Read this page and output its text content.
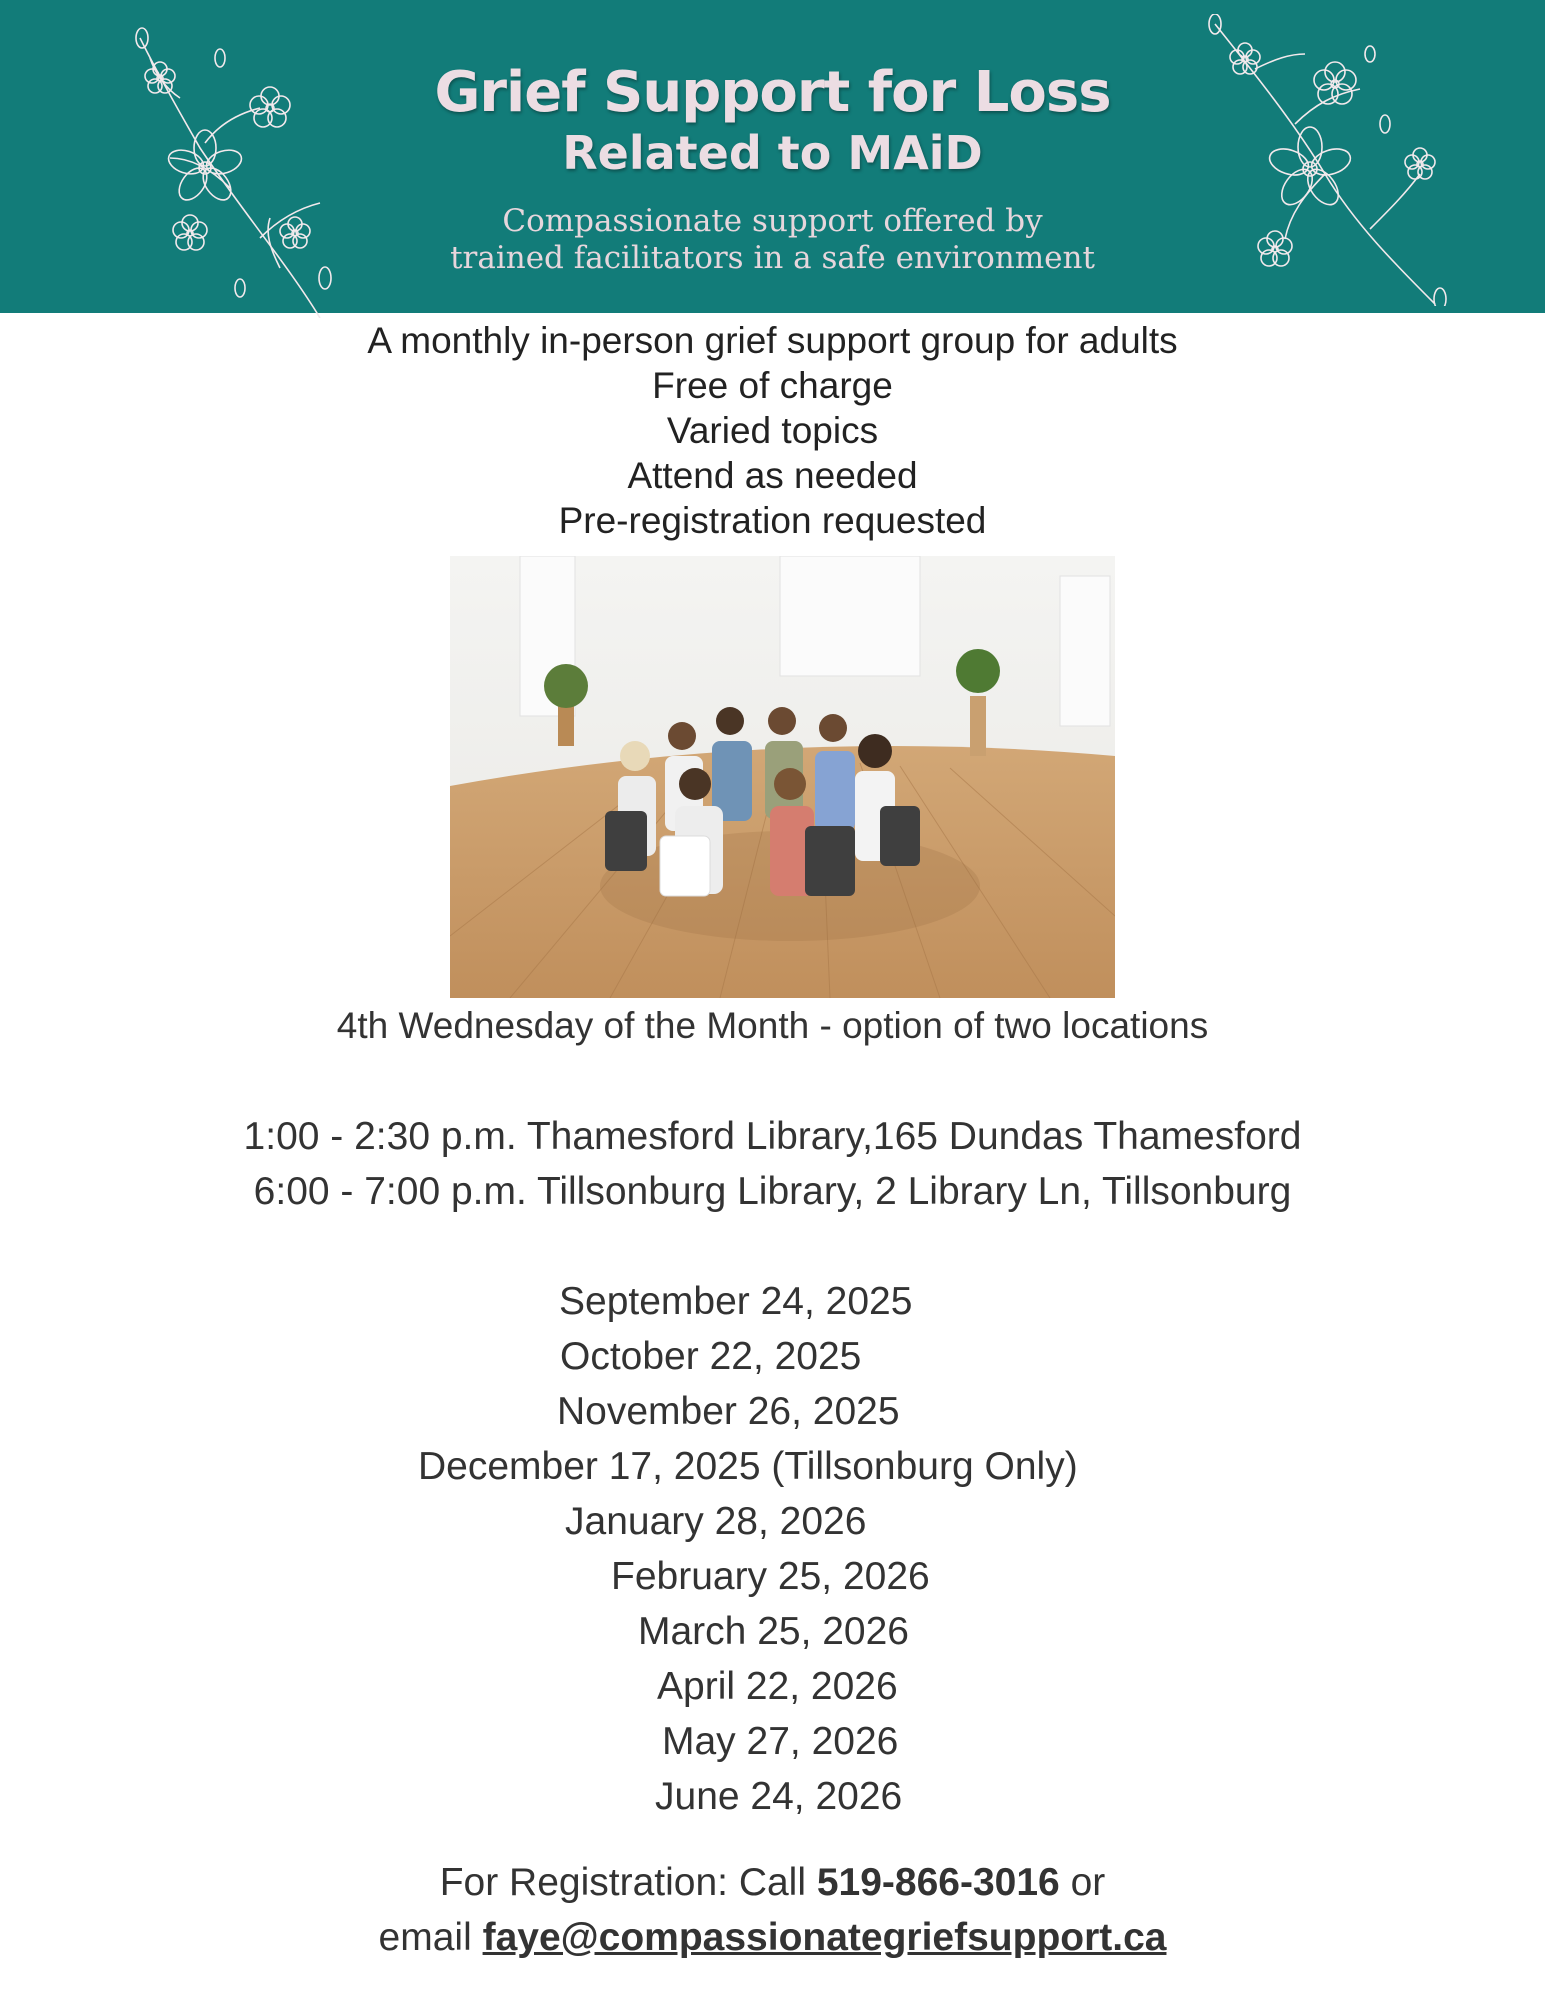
Grief Support for Loss
Related to MAiD
Compassionate support offered by
trained facilitators in a safe environment
A monthly in-person grief support group for adults
Free of charge
Varied topics
Attend as needed
Pre-registration requested
4th Wednesday of the Month - option of two locations
1:00 - 2:30 p.m. Thamesford Library,165 Dundas Thamesford
6:00 - 7:00 p.m. Tillsonburg Library, 2 Library Ln, Tillsonburg
September 24, 2025
October 22, 2025
November 26, 2025
December 17, 2025 (Tillsonburg Only)
January 28, 2026
February 25, 2026
March 25, 2026
April 22, 2026
May 27, 2026
June 24, 2026
For Registration: Call 519-866-3016 or
email faye@compassionategriefsupport.ca
